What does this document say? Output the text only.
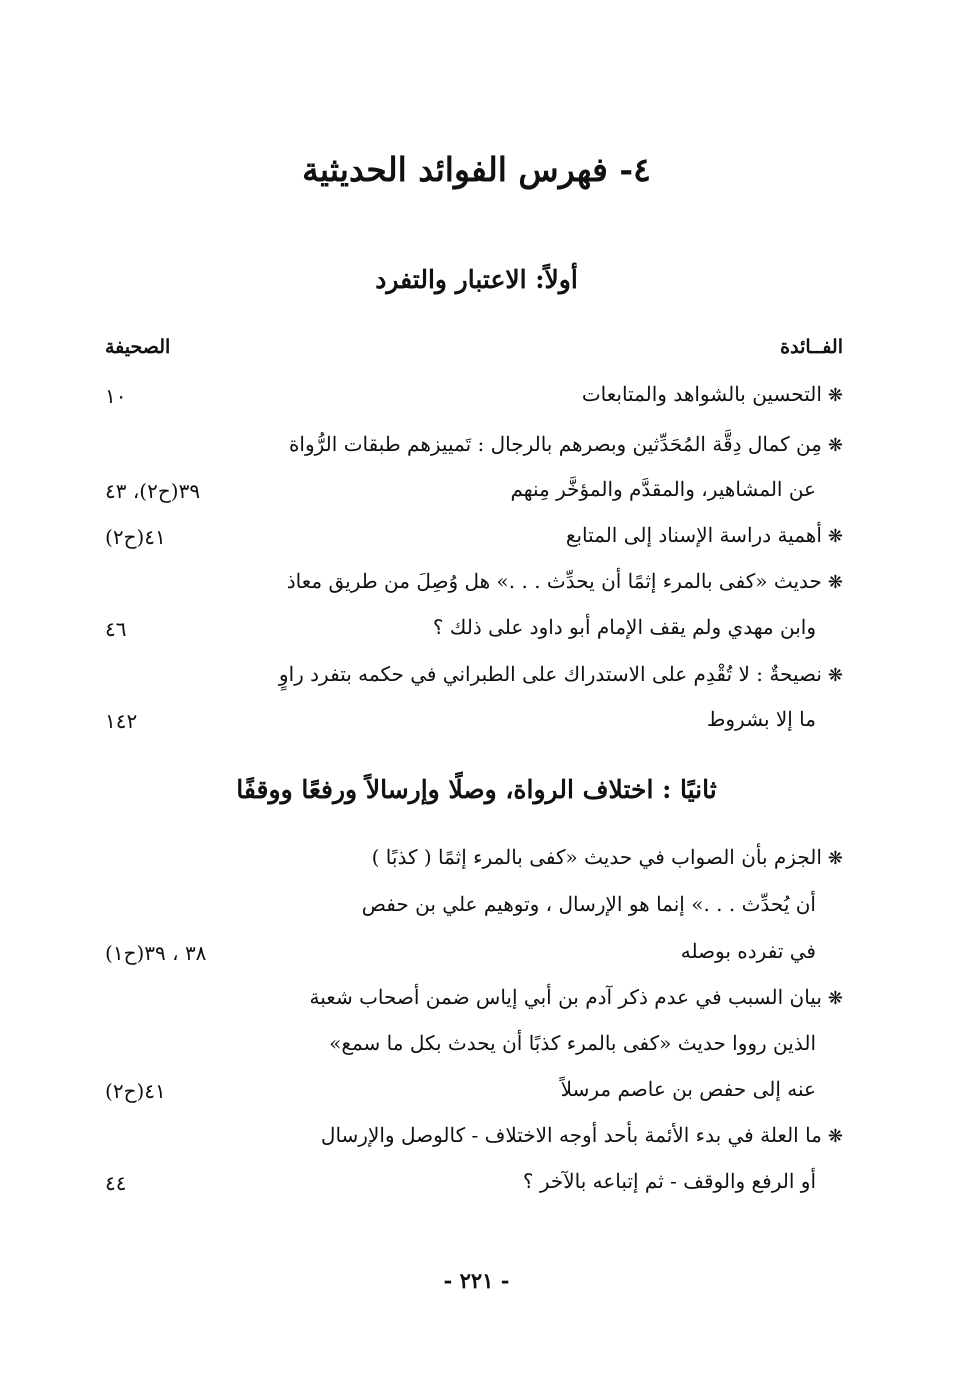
٤- فهرس الفوائد الحديثية
أولاً: الاعتبار والتفرد
الفــائدة
الصحيفة
❋التحسين بالشواهد والمتابعات
١٠
❋مِن كمال دِقَّة المُحَدِّثين وبصرهم بالرجال : تَمييزهم طبقات الرُّواة
عن المشاهير، والمقدَّم والمؤخَّر مِنهم
٣٩(ح٢)، ٤٣
❋أهمية دراسة الإسناد إلى المتابع
٤١(ح٢)
❋حديث «كفى بالمرء إثمًا أن يحدِّث . . .» هل وُصِلَ من طريق معاذ
وابن مهدي ولم يقف الإمام أبو داود على ذلك ؟
٤٦
❋نصيحةٌ : لا تُقْدِم على الاستدراك على الطبراني في حكمه بتفرد راوٍ
ما إلا بشروط
١٤٢
ثانيًا : اختلاف الرواة، وصلًا وإرسالاً ورفعًا ووقفًا
❋الجزم بأن الصواب في حديث «كفى بالمرء إثمًا ( كذبًا )
أن يُحدِّث . . .» إنما هو الإرسال ، وتوهيم علي بن حفص
في تفرده بوصله
٣٨ ، ٣٩(ح١)
❋بيان السبب في عدم ذكر آدم بن أبي إياس ضمن أصحاب شعبة
الذين رووا حديث «كفى بالمرء كذبًا أن يحدث بكل ما سمع»
عنه إلى حفص بن عاصم مرسلاً
٤١(ح٢)
❋ما العلة في بدء الأئمة بأحد أوجه الاختلاف - كالوصل والإرسال
أو الرفع والوقف - ثم إتباعه بالآخر ؟
٤٤
- ٢٢١ -
